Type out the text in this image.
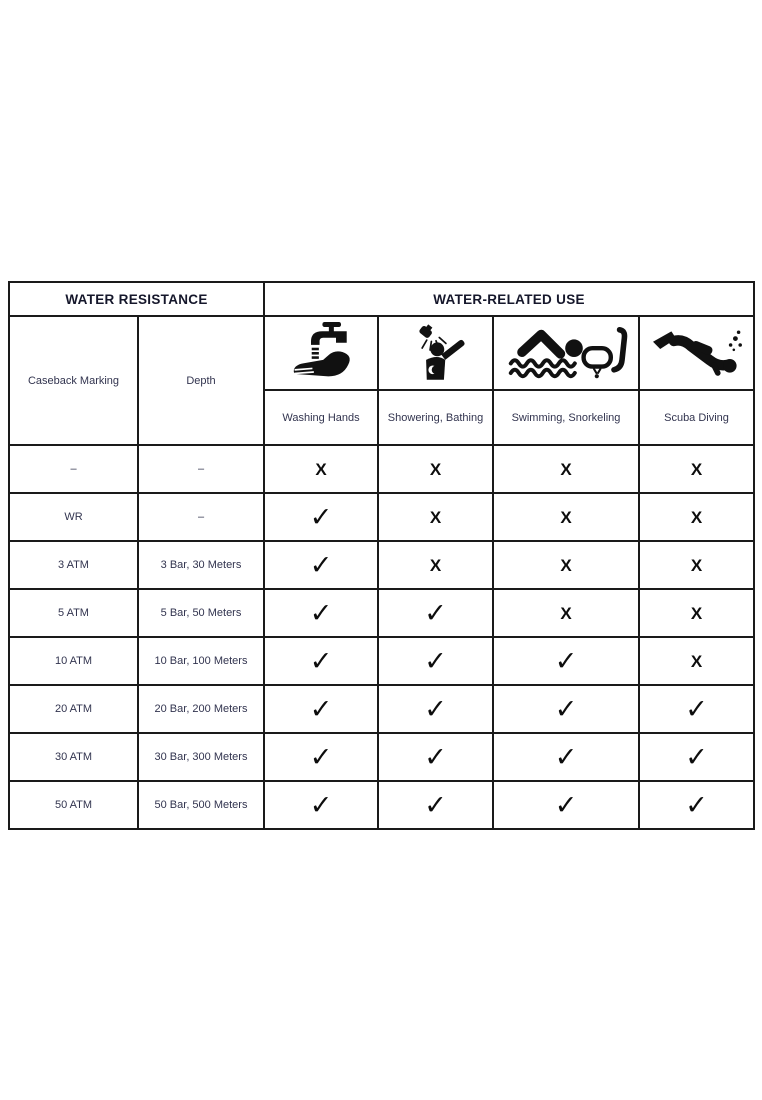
WATER RESISTANCE		WATER-RELATED USE			
Caseback Marking	Depth	

		Washing Hands	Showering, Bathing	Swimming, Snorkeling	Scuba Diving
–	–	X	X	X	X
WR	–	✓	X	X	X
3 ATM	3 Bar, 30 Meters	✓	X	X	X
5 ATM	5 Bar, 50 Meters	✓	✓	X	X
10 ATM	10 Bar, 100 Meters	✓	✓	✓	X
20 ATM	20 Bar, 200 Meters	✓	✓	✓	✓
30 ATM	30 Bar, 300 Meters	✓	✓	✓	✓
50 ATM	50 Bar, 500 Meters	✓	✓	✓	✓
